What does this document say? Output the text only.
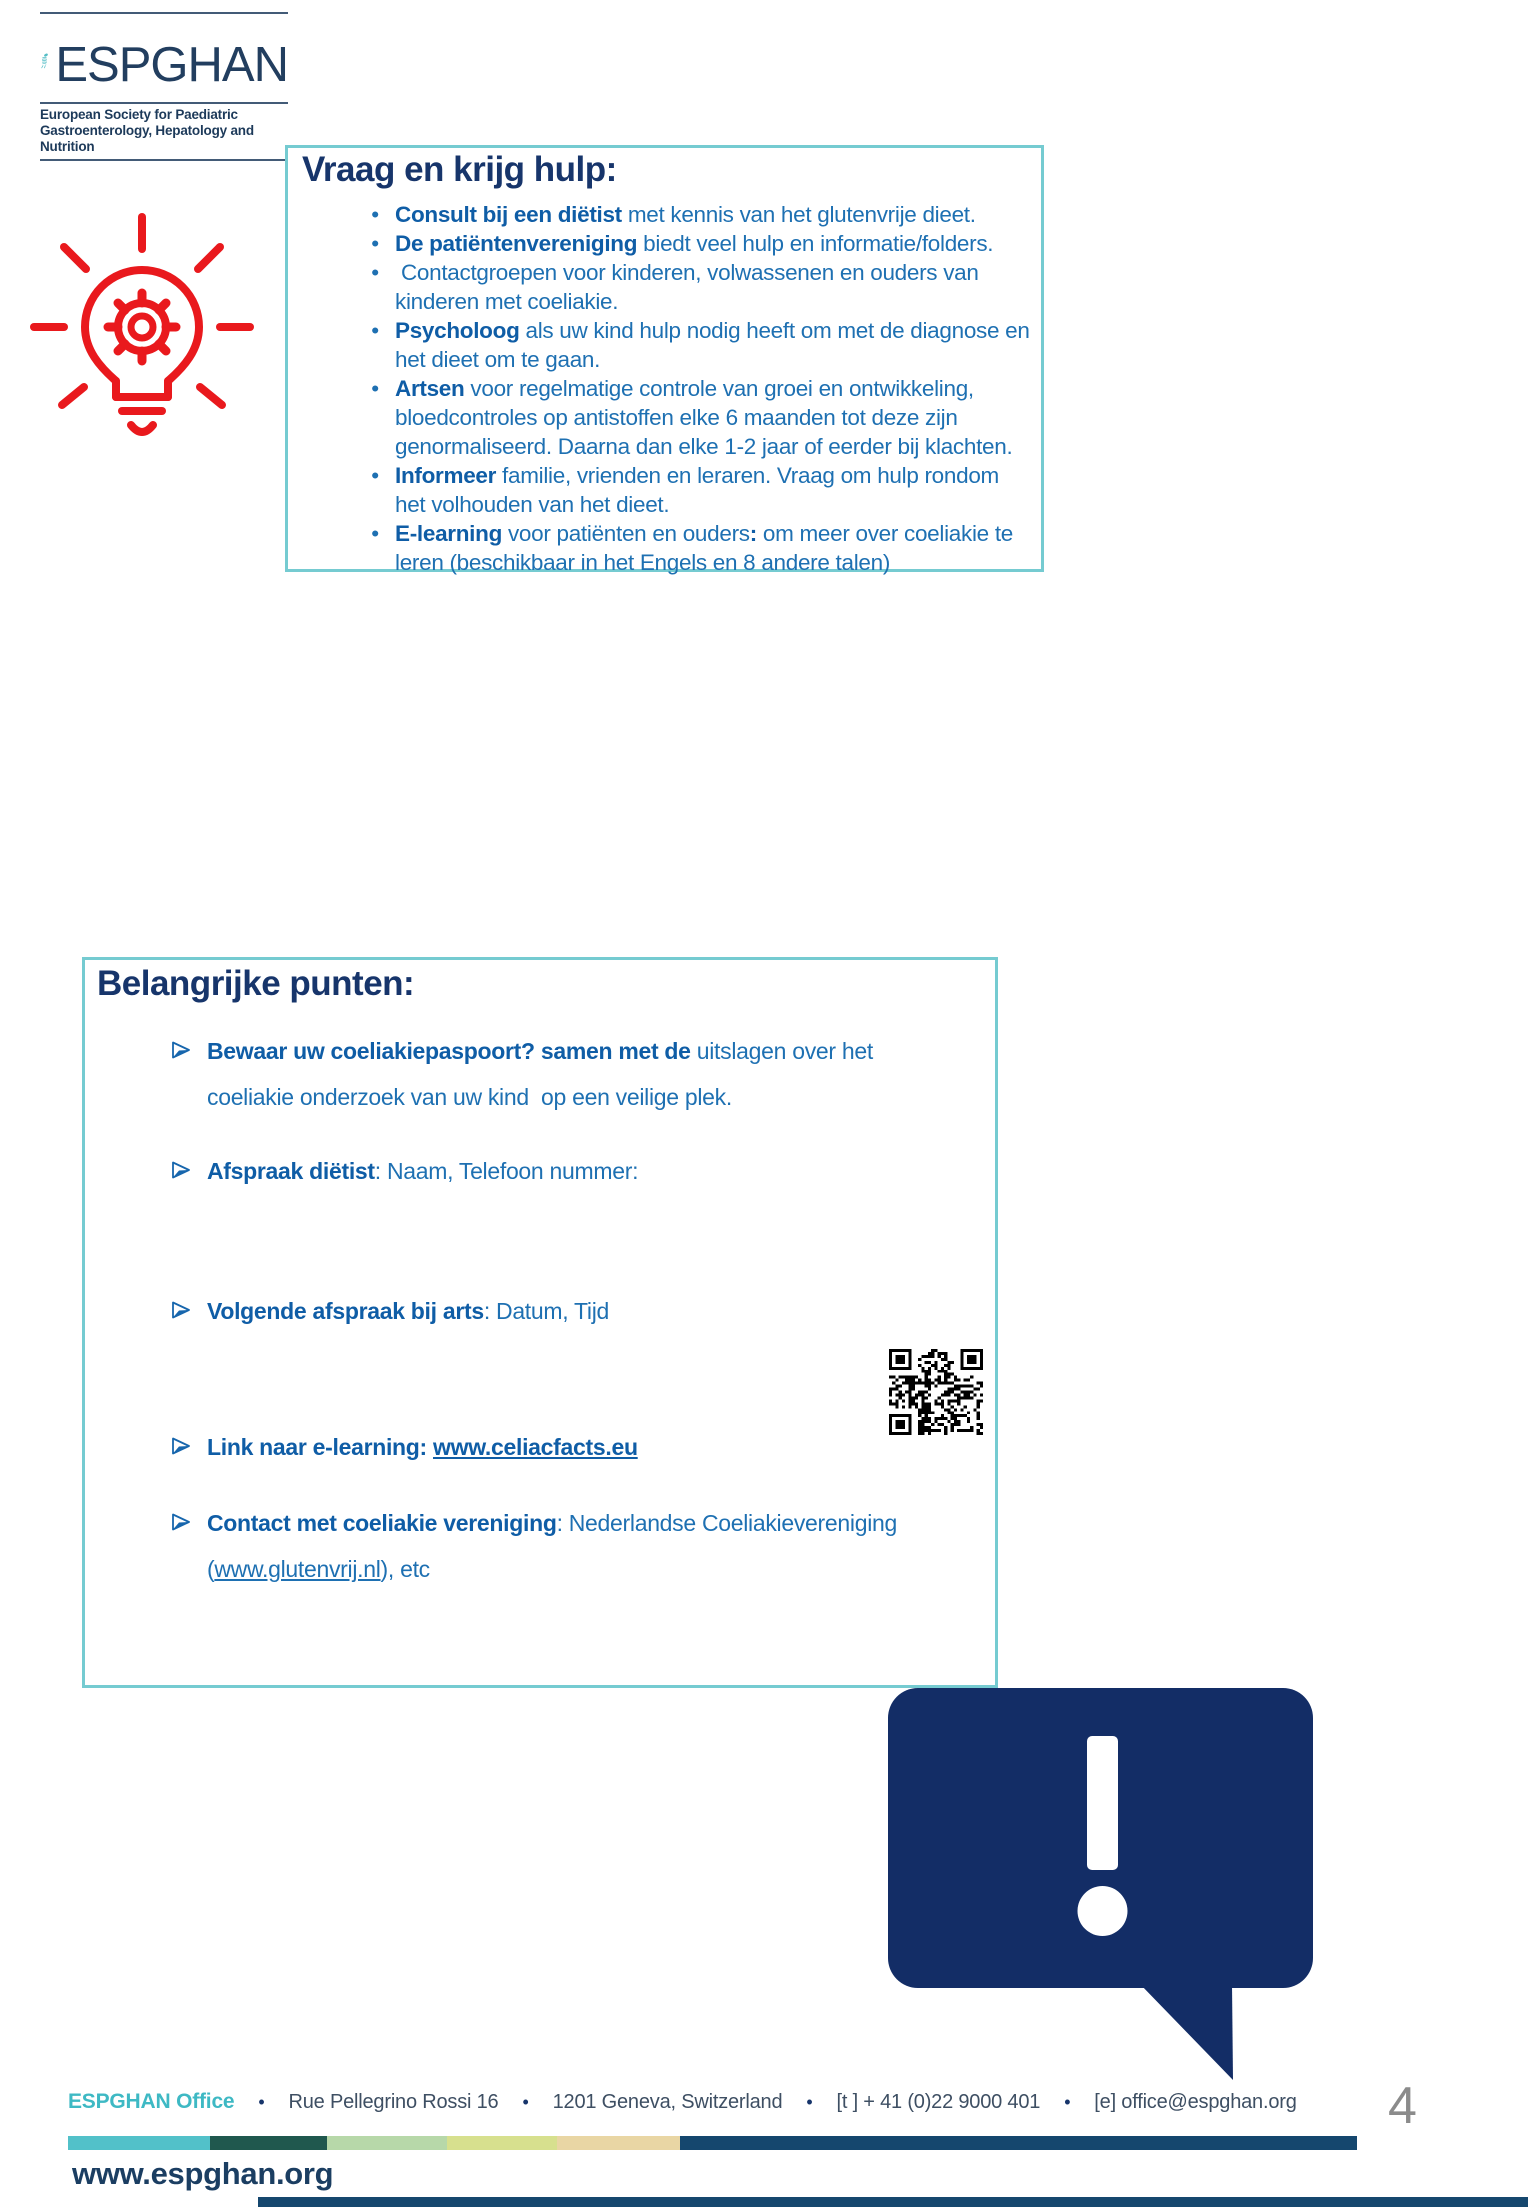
ESPGHAN
European Society for Paediatric
Gastroenterology, Hepatology and Nutrition
Vraag en krijg hulp:
• Consult bij een diëtist met kennis van het glutenvrije dieet.
• De patiëntenvereniging biedt veel hulp en informatie/folders.
• Contactgroepen voor kinderen, volwassenen en ouders van kinderen met coeliakie.
• Psycholoog als uw kind hulp nodig heeft om met de diagnose en het dieet om te gaan.
• Artsen voor regelmatige controle van groei en ontwikkeling, bloedcontroles op antistoffen elke 6 maanden tot deze zijn genormaliseerd. Daarna dan elke 1-2 jaar of eerder bij klachten.
• Informeer familie, vrienden en leraren. Vraag om hulp rondom het volhouden van het dieet.
• E-learning voor patiënten en ouders: om meer over coeliakie te leren (beschikbaar in het Engels en 8 andere talen)
Belangrijke punten:
Bewaar uw coeliakiepaspoort? samen met de uitslagen over het coeliakie onderzoek van uw kind  op een veilige plek.
Afspraak diëtist: Naam, Telefoon nummer:
Volgende afspraak bij arts: Datum, Tijd
Link naar e-learning: www.celiacfacts.eu
Contact met coeliakie vereniging: Nederlandse Coeliakievereniging (www.glutenvrij.nl), etc
ESPGHAN Office • Rue Pellegrino Rossi 16 • 1201 Geneva, Switzerland • [t ] + 41 (0)22 9000 401 • [e] office@espghan.org 4
www.espghan.org
